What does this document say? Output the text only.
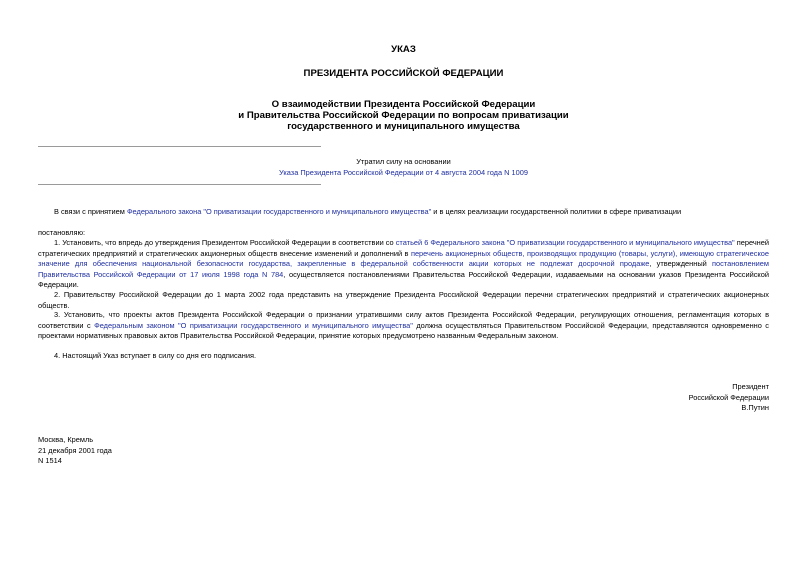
УКАЗ
ПРЕЗИДЕНТА РОССИЙСКОЙ ФЕДЕРАЦИИ
О взаимодействии Президента Российской Федерации
и Правительства Российской Федерации по вопросам приватизации
государственного и муниципального имущества
Утратил силу на основании
Указа Президента Российской Федерации от 4 августа 2004 года N 1009
В связи с принятием Федерального закона "О приватизации государственного и муниципального имущества" и в целях реализации государственной политики в сфере приватизации
постановляю:
1. Установить, что впредь до утверждения Президентом Российской Федерации в соответствии со статьей 6 Федерального закона "О приватизации государственного и муниципального имущества" перечней стратегических предприятий и стратегических акционерных обществ внесение изменений и дополнений в перечень акционерных обществ, производящих продукцию (товары, услуги), имеющую стратегическое значение для обеспечения национальной безопасности государства, закрепленные в федеральной собственности акции которых не подлежат досрочной продаже, утвержденный постановлением Правительства Российской Федерации от 17 июля 1998 года N 784, осуществляется постановлениями Правительства Российской Федерации, издаваемыми на основании указов Президента Российской Федерации.
2. Правительству Российской Федерации до 1 марта 2002 года представить на утверждение Президента Российской Федерации перечни стратегических предприятий и стратегических акционерных обществ.
3. Установить, что проекты актов Президента Российской Федерации о признании утратившими силу актов Президента Российской Федерации, регулирующих отношения, регламентация которых в соответствии с Федеральным законом "О приватизации государственного и муниципального имущества" должна осуществляться Правительством Российской Федерации, представляются одновременно с проектами нормативных правовых актов Правительства Российской Федерации, принятие которых предусмотрено названным Федеральным законом.
4. Настоящий Указ вступает в силу со дня его подписания.
Президент
Российской Федерации
В.Путин
Москва, Кремль
21 декабря 2001 года
N 1514
